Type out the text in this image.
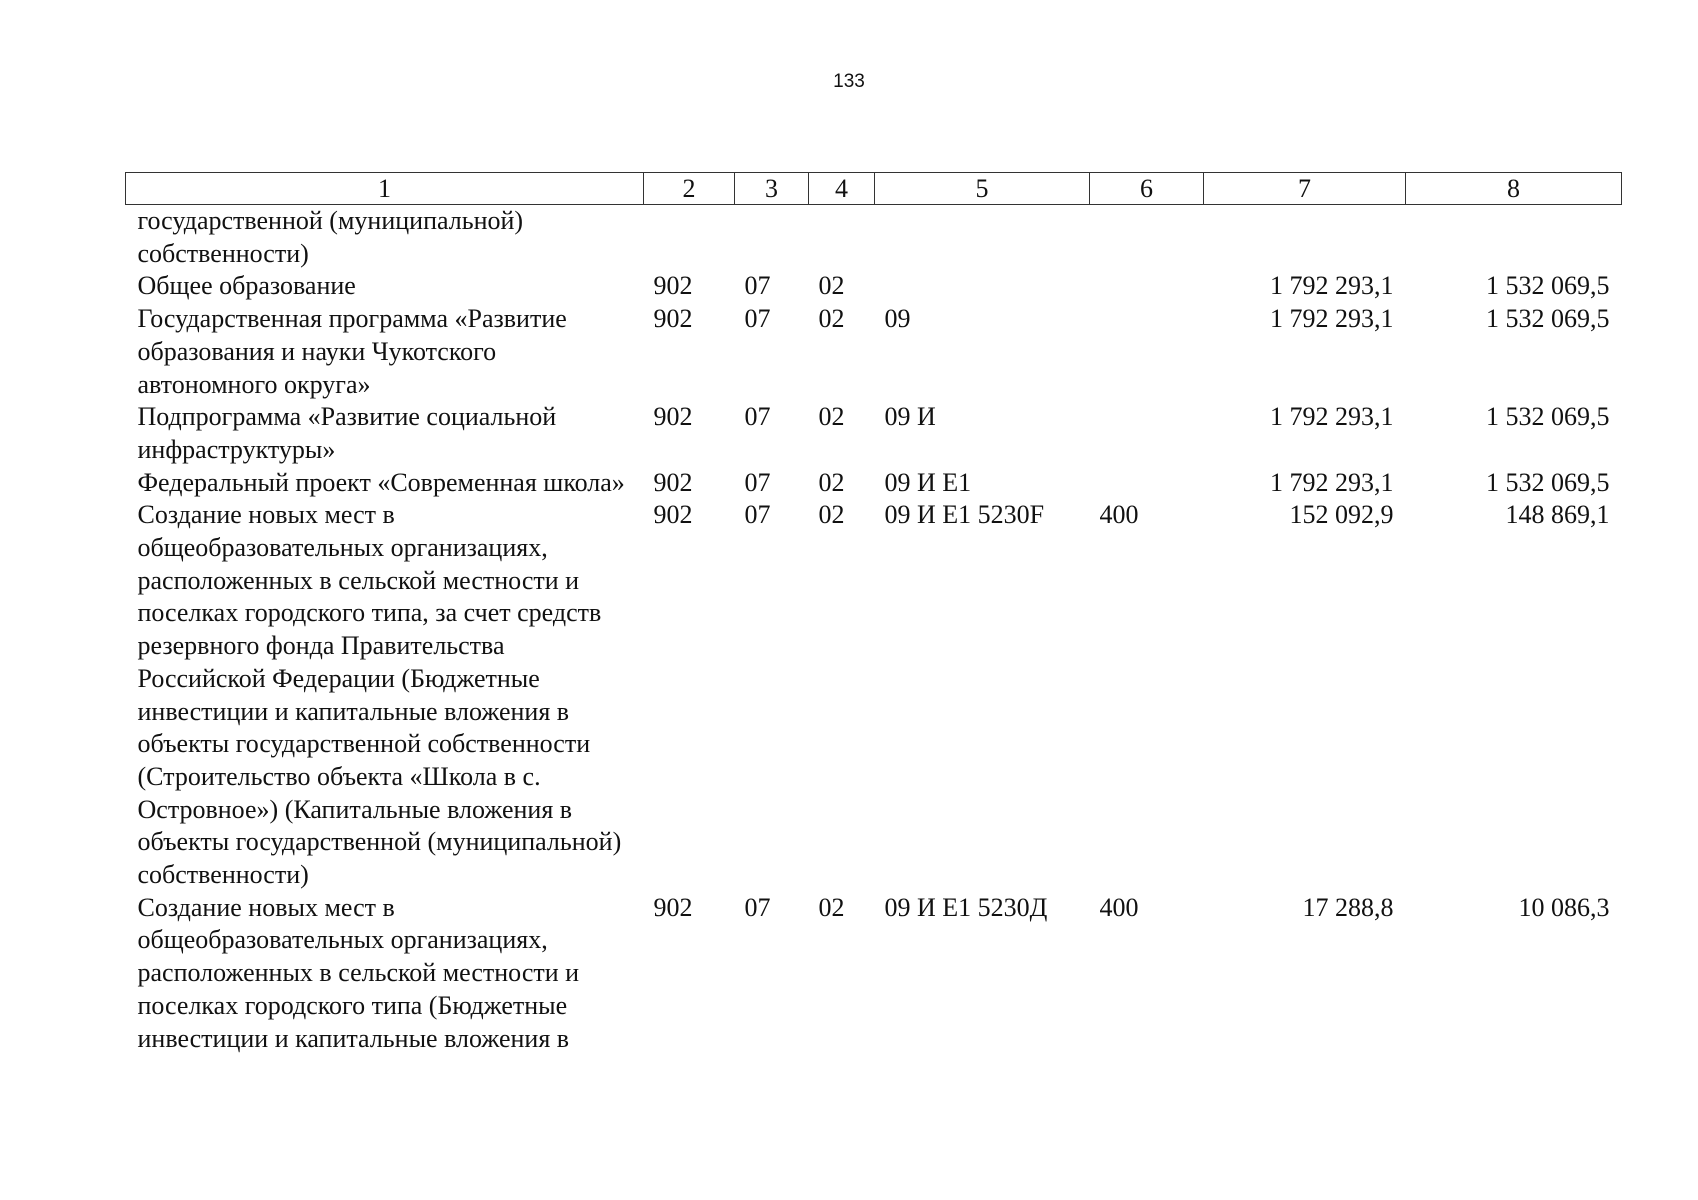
133
1	2	3	4	5	6	7	8
государственной (муниципальной) собственности)							
Общее образование	902	07	02			1 792 293,1	1 532 069,5
Государственная программа «Развитие образования и науки Чукотского автономного округа»	902	07	02	09		1 792 293,1	1 532 069,5
Подпрограмма «Развитие социальной инфраструктуры»	902	07	02	09 И		1 792 293,1	1 532 069,5
Федеральный проект «Современная школа»	902	07	02	09 И Е1		1 792 293,1	1 532 069,5
Создание новых мест в общеобразовательных организациях, расположенных в сельской местности и поселках городского типа, за счет средств резервного фонда Правительства Российской Федерации (Бюджетные инвестиции и капитальные вложения в объекты государственной собственности (Строительство объекта «Школа в с. Островное») (Капитальные вложения в объекты государственной (муниципальной) собственности)	902	07	02	09 И Е1 5230F	400	152 092,9	148 869,1
Создание новых мест в общеобразовательных организациях, расположенных в сельской местности и поселках городского типа (Бюджетные инвестиции и капитальные вложения в	902	07	02	09 И Е1 5230Д	400	17 288,8	10 086,3
